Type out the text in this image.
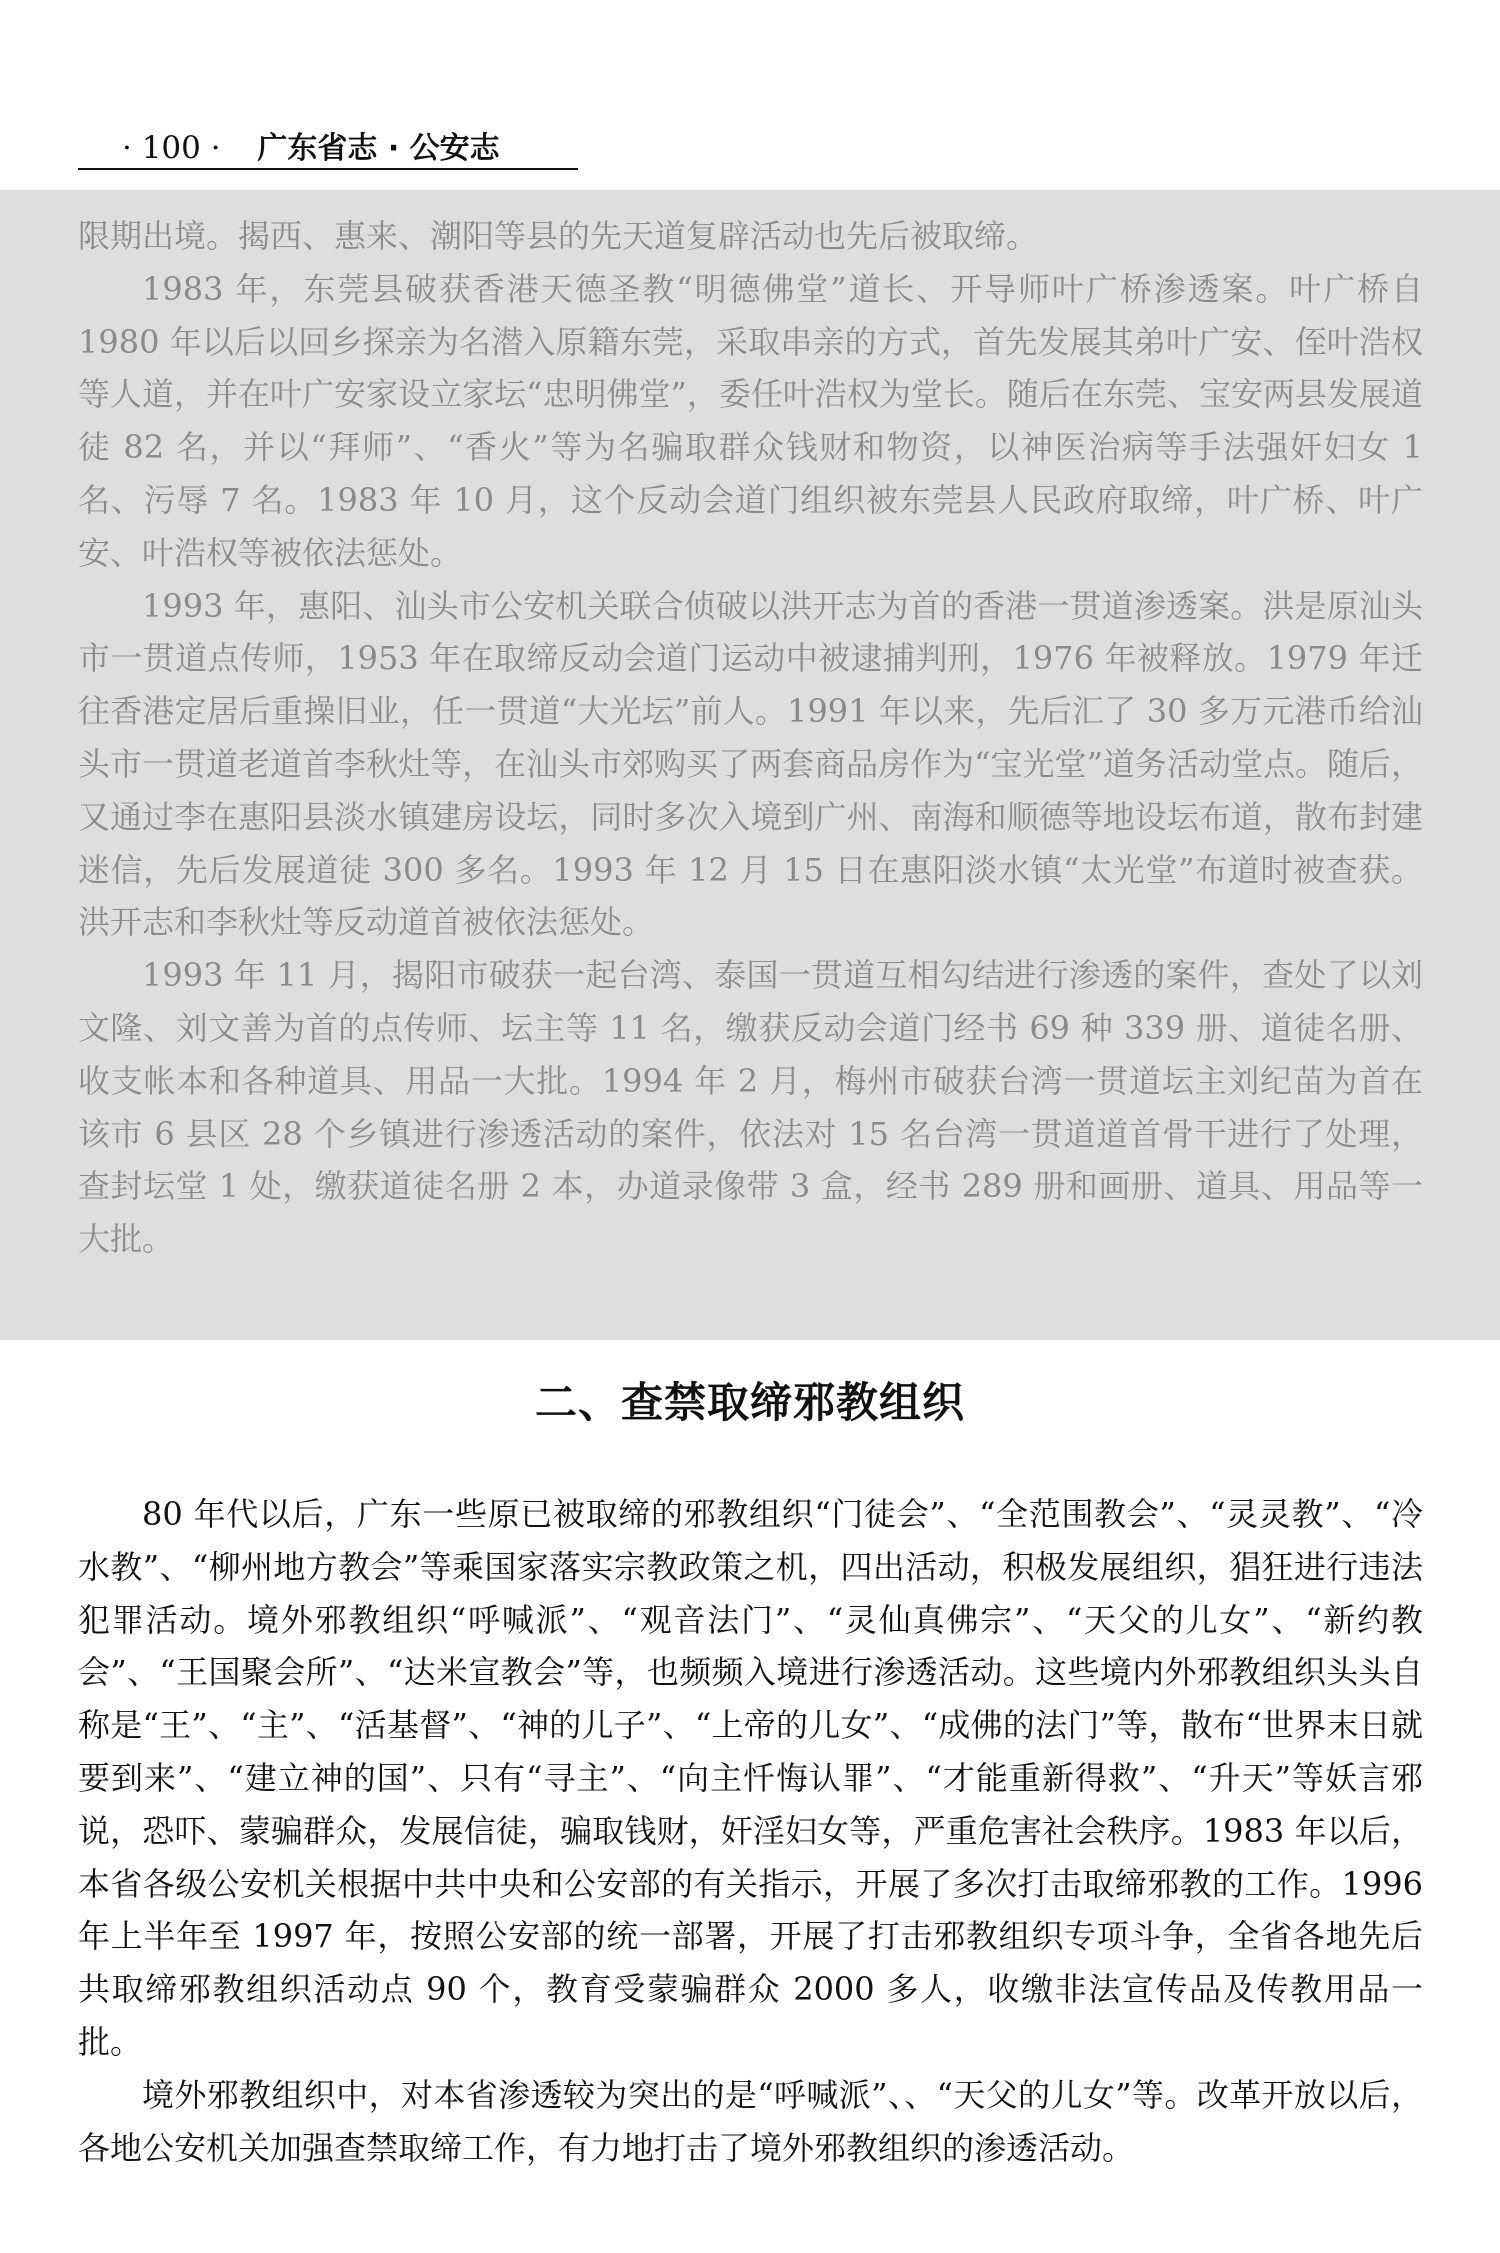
· 100 · 广东省志 · 公安志

限期出境。揭西、惠来、潮阳等县的先天道复辟活动也先后被取缔。

1983 年，东莞县破获香港天德圣教“明德佛堂”道长、开导师叶广桥渗透案。叶广桥自 1980 年以后以回乡探亲为名潜入原籍东莞，采取串亲的方式，首先发展其弟叶广安、侄叶浩权等人道，并在叶广安家设立家坛“忠明佛堂”，委任叶浩权为堂长。随后在东莞、宝安两县发展道徒 82 名，并以“拜师”、“香火”等为名骗取群众钱财和物资，以神医治病等手法强奸妇女 1 名、污辱 7 名。1983 年 10 月，这个反动会道门组织被东莞县人民政府取缔，叶广桥、叶广安、叶浩权等被依法惩处。

1993 年，惠阳、汕头市公安机关联合侦破以洪开志为首的香港一贯道渗透案。洪是原汕头市一贯道点传师，1953 年在取缔反动会道门运动中被逮捕判刑，1976 年被释放。1979 年迁往香港定居后重操旧业，任一贯道“大光坛”前人。1991 年以来，先后汇了 30 多万元港币给汕头市一贯道老道首李秋灶等，在汕头市郊购买了两套商品房作为“宝光堂”道务活动堂点。随后，又通过李在惠阳县淡水镇建房设坛，同时多次入境到广州、南海和顺德等地设坛布道，散布封建迷信，先后发展道徒 300 多名。1993 年 12 月 15 日在惠阳淡水镇“太光堂”布道时被查获。洪开志和李秋灶等反动道首被依法惩处。

1993 年 11 月，揭阳市破获一起台湾、泰国一贯道互相勾结进行渗透的案件，查处了以刘文隆、刘文善为首的点传师、坛主等 11 名，缴获反动会道门经书 69 种 339 册、道徒名册、收支帐本和各种道具、用品一大批。1994 年 2 月，梅州市破获台湾一贯道坛主刘纪苗为首在该市 6 县区 28 个乡镇进行渗透活动的案件，依法对 15 名台湾一贯道道首骨干进行了处理，查封坛堂 1 处，缴获道徒名册 2 本，办道录像带 3 盒，经书 289 册和画册、道具、用品等一大批。

二、查禁取缔邪教组织

80 年代以后，广东一些原已被取缔的邪教组织“门徒会”、“全范围教会”、“灵灵教”、“冷水教”、“柳州地方教会”等乘国家落实宗教政策之机，四出活动，积极发展组织，猖狂进行违法犯罪活动。境外邪教组织“呼喊派”、“观音法门”、“灵仙真佛宗”、“天父的儿女”、“新约教会”、“王国聚会所”、“达米宣教会”等，也频频入境进行渗透活动。这些境内外邪教组织头头自称是“王”、“主”、“活基督”、“神的儿子”、“上帝的儿女”、“成佛的法门”等，散布“世界末日就要到来”、“建立神的国”、只有“寻主”、“向主忏悔认罪”、“才能重新得救”、“升天”等妖言邪说，恐吓、蒙骗群众，发展信徒，骗取钱财，奸淫妇女等，严重危害社会秩序。1983 年以后，本省各级公安机关根据中共中央和公安部的有关指示，开展了多次打击取缔邪教的工作。1996 年上半年至 1997 年，按照公安部的统一部署，开展了打击邪教组织专项斗争，全省各地先后共取缔邪教组织活动点 90 个，教育受蒙骗群众 2000 多人，收缴非法宣传品及传教用品一批。

境外邪教组织中，对本省渗透较为突出的是“呼喊派”、、“天父的儿女”等。改革开放以后，各地公安机关加强查禁取缔工作，有力地打击了境外邪教组织的渗透活动。
